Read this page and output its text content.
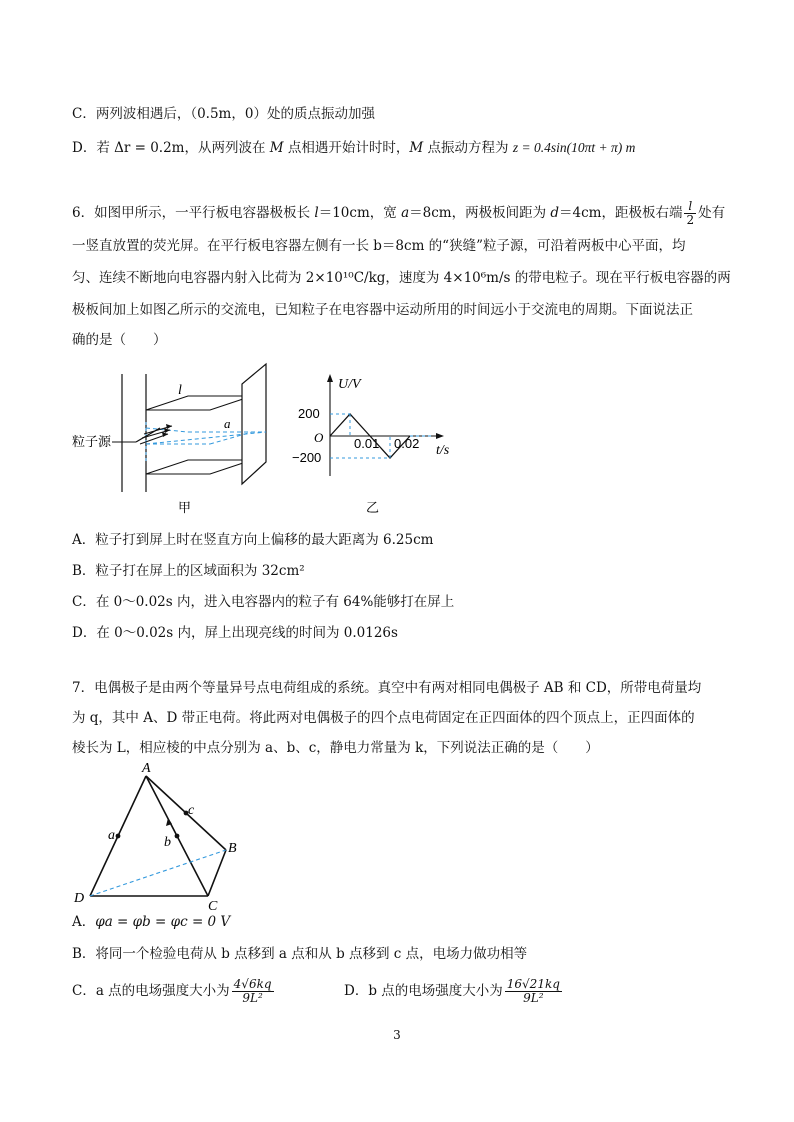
C．两列波相遇后，（0.5m，0）处的质点振动加强
D．若 Δr = 0.2m，从两列波在 M 点相遇开始计时时，M 点振动方程为 z = 0.4sin(10πt + π) m
6．如图甲所示，一平行板电容器极板长 l＝10cm，宽 a＝8cm，两极板间距为 d＝4cm，距极板右端 $\frac{l}{2}$ 处有
一竖直放置的荧光屏。在平行板电容器左侧有一长 b＝8cm 的“狭缝”粒子源，可沿着两板中心平面，均
匀、连续不断地向电容器内射入比荷为 2×10¹⁰C/kg，速度为 4×10⁶m/s 的带电粒子。现在平行板电容器的两
极板间加上如图乙所示的交流电，已知粒子在电容器中运动所用的时间远小于交流电的周期。下面说法正
确的是（　　）
l
a
粒子源
甲
U/V
t/s
O
200
−200
0.01 0.02
乙
A．粒子打到屏上时在竖直方向上偏移的最大距离为 6.25cm
B．粒子打在屏上的区域面积为 32cm²
C．在 0～0.02s 内，进入电容器内的粒子有 64%能够打在屏上
D．在 0～0.02s 内，屏上出现亮线的时间为 0.0126s
7．电偶极子是由两个等量异号点电荷组成的系统。真空中有两对相同电偶极子 AB 和 CD，所带电荷量均
为 q，其中 A、D 带正电荷。将此两对电偶极子的四个点电荷固定在正四面体的四个顶点上，正四面体的
棱长为 L，相应棱的中点分别为 a、b、c，静电力常量为 k，下列说法正确的是（　　）
A
B
C
D
a
c
b
A．φa = φb = φc = 0 V
B．将同一个检验电荷从 b 点移到 a 点和从 b 点移到 c 点，电场力做功相等
C．a 点的电场强度大小为 $\frac{4√6kq}{\text{9L²}}$	D．b 点的电场强度大小为 $\frac{16√21kq}{\text{9L²}}$
3
